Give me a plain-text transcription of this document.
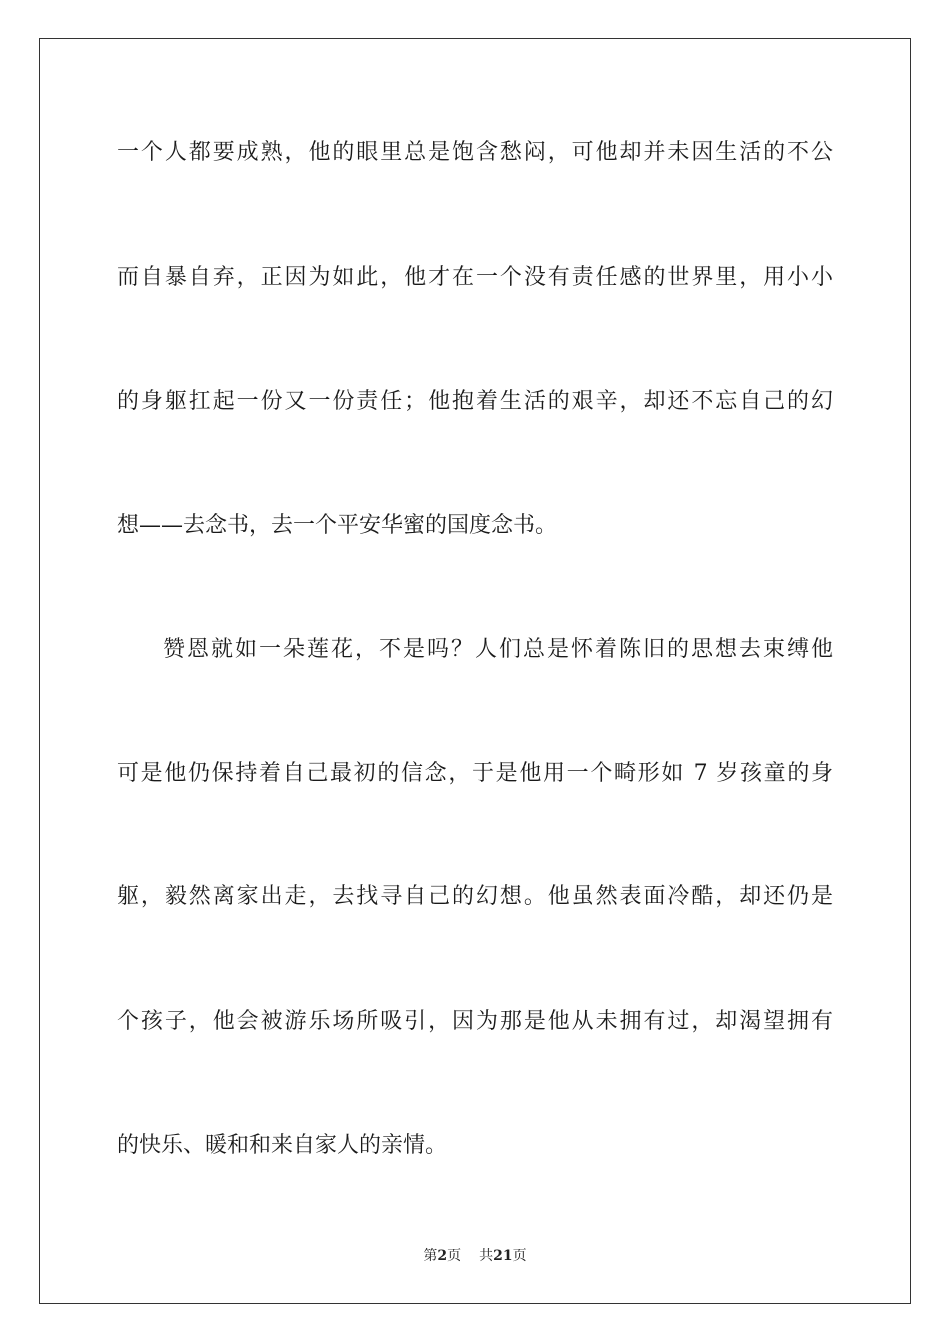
一个人都要成熟，他的眼里总是饱含愁闷，可他却并未因生活的不公
而自暴自弃，正因为如此，他才在一个没有责任感的世界里，用小小
的身躯扛起一份又一份责任；他抱着生活的艰辛，却还不忘自己的幻
想——去念书，去一个平安华蜜的国度念书。
赞恩就如一朵莲花，不是吗？人们总是怀着陈旧的思想去束缚他
可是他仍保持着自己最初的信念，于是他用一个畸形如 7 岁孩童的身
躯，毅然离家出走，去找寻自己的幻想。他虽然表面冷酷，却还仍是
个孩子，他会被游乐场所吸引，因为那是他从未拥有过，却渴望拥有
的快乐、暖和和来自家人的亲情。
第2页 共21页
